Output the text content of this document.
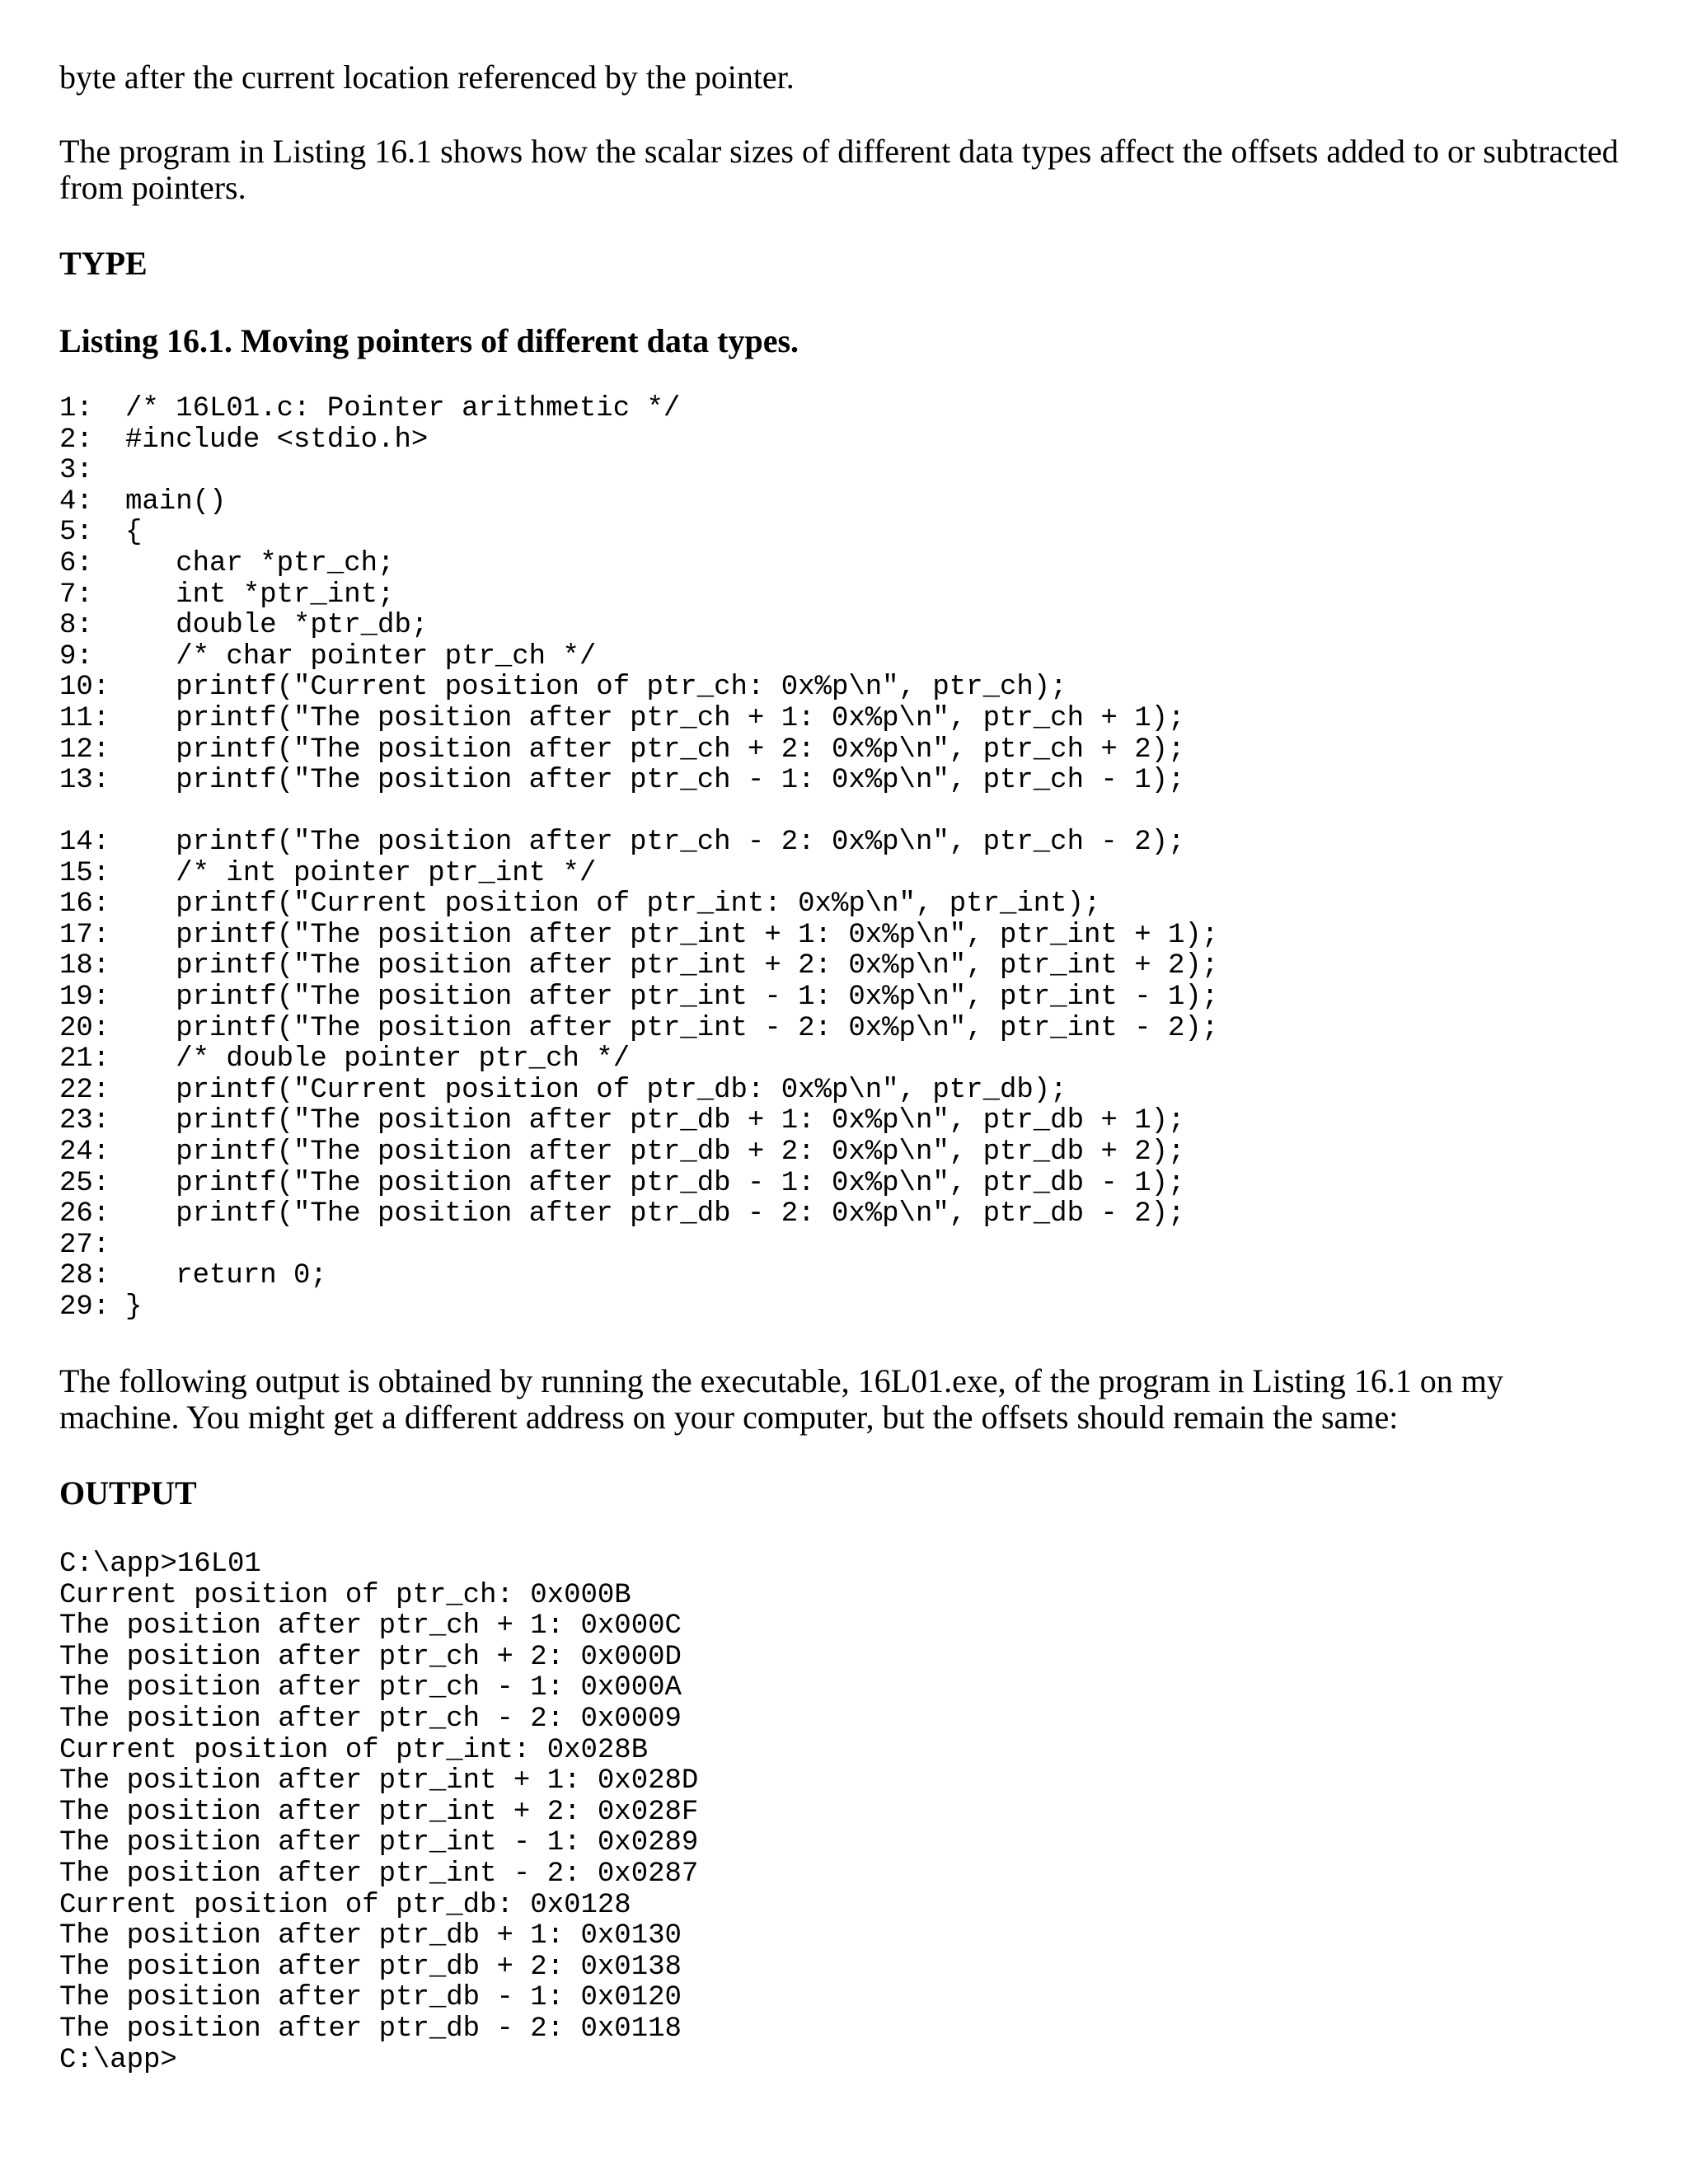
byte after the current location referenced by the pointer.

The program in Listing 16.1 shows how the scalar sizes of different data types affect the offsets added to or subtracted from pointers.

TYPE

Listing 16.1. Moving pointers of different data types.

1: /* 16L01.c: Pointer arithmetic */
2: #include <stdio.h>
3:
4: main()
5: {
6:   char *ptr_ch;
7:   int *ptr_int;
8:   double *ptr_db;
9:   /* char pointer ptr_ch */
10:   printf("Current position of ptr_ch: 0x%p\n", ptr_ch);
11:   printf("The position after ptr_ch + 1: 0x%p\n", ptr_ch + 1);
12:   printf("The position after ptr_ch + 2: 0x%p\n", ptr_ch + 2);
13:   printf("The position after ptr_ch - 1: 0x%p\n", ptr_ch - 1);
14:   printf("The position after ptr_ch - 2: 0x%p\n", ptr_ch - 2);
15:   /* int pointer ptr_int */
16:   printf("Current position of ptr_int: 0x%p\n", ptr_int);
17:   printf("The position after ptr_int + 1: 0x%p\n", ptr_int + 1);
18:   printf("The position after ptr_int + 2: 0x%p\n", ptr_int + 2);
19:   printf("The position after ptr_int - 1: 0x%p\n", ptr_int - 1);
20:   printf("The position after ptr_int - 2: 0x%p\n", ptr_int - 2);
21:   /* double pointer ptr_ch */
22:   printf("Current position of ptr_db: 0x%p\n", ptr_db);
23:   printf("The position after ptr_db + 1: 0x%p\n", ptr_db + 1);
24:   printf("The position after ptr_db + 2: 0x%p\n", ptr_db + 2);
25:   printf("The position after ptr_db - 1: 0x%p\n", ptr_db - 1);
26:   printf("The position after ptr_db - 2: 0x%p\n", ptr_db - 2);
27:
28:   return 0;
29: }

The following output is obtained by running the executable, 16L01.exe, of the program in Listing 16.1 on my machine. You might get a different address on your computer, but the offsets should remain the same:

OUTPUT

C:\app>16L01
Current position of ptr_ch: 0x000B
The position after ptr_ch + 1: 0x000C
The position after ptr_ch + 2: 0x000D
The position after ptr_ch - 1: 0x000A
The position after ptr_ch - 2: 0x0009
Current position of ptr_int: 0x028B
The position after ptr_int + 1: 0x028D
The position after ptr_int + 2: 0x028F
The position after ptr_int - 1: 0x0289
The position after ptr_int - 2: 0x0287
Current position of ptr_db: 0x0128
The position after ptr_db + 1: 0x0130
The position after ptr_db + 2: 0x0138
The position after ptr_db - 1: 0x0120
The position after ptr_db - 2: 0x0118
C:\app>
